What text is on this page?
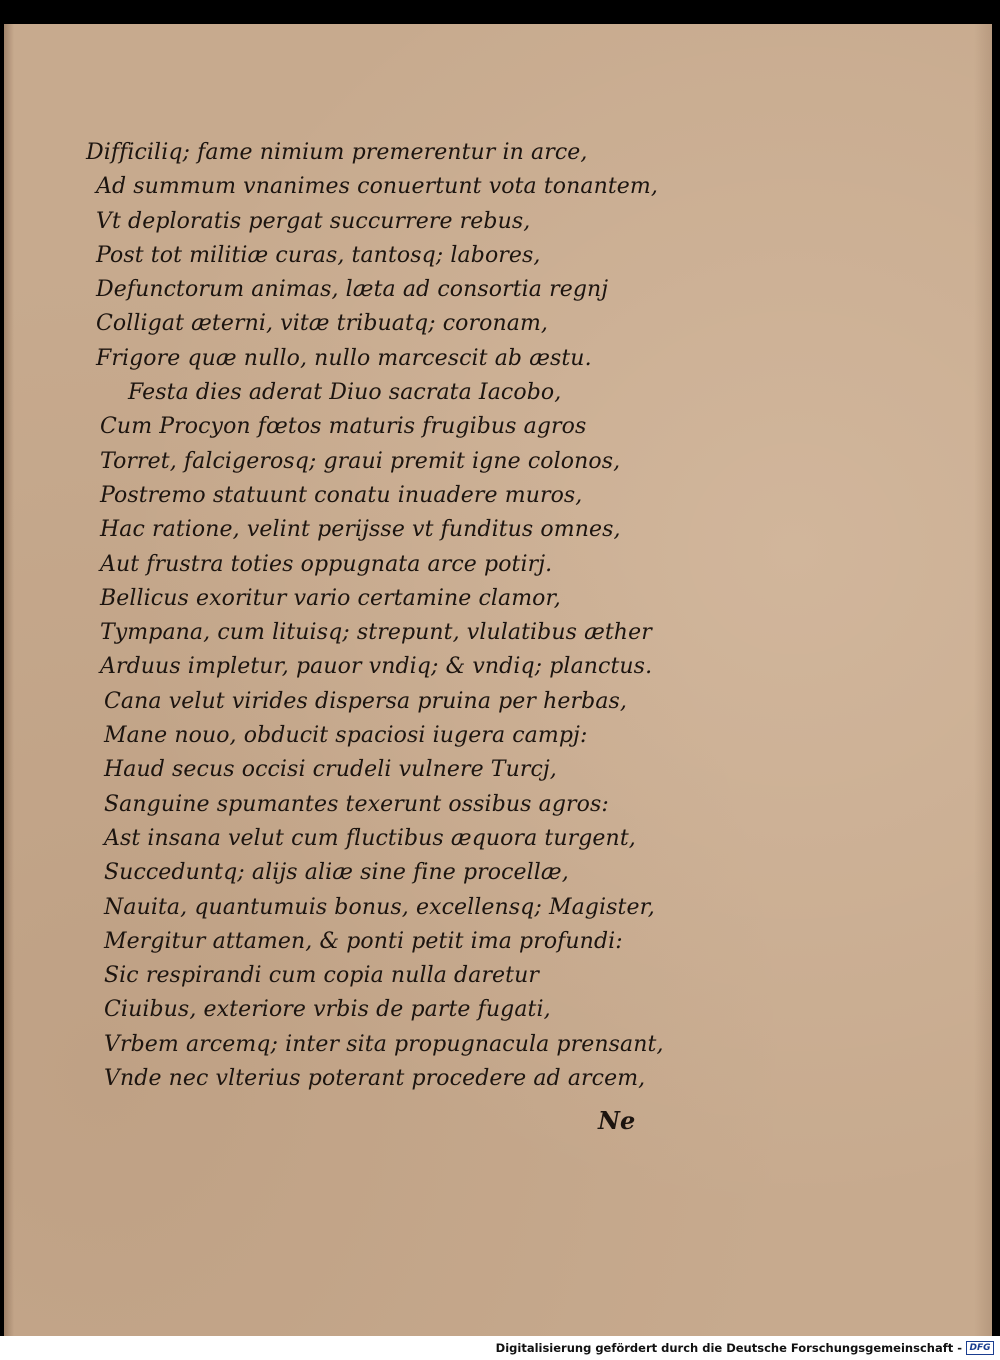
Difficiliq; fame nimium premerentur in arce,
Ad summum vnanimes conuertunt vota tonantem,
Vt deploratis pergat succurrere rebus,
Post tot militiæ curas, tantosq; labores,
Defunctorum animas, læta ad consortia regnj
Colligat æterni, vitæ tribuatq; coronam,
Frigore quæ nullo, nullo marcescit ab æstu.
Festa dies aderat Diuo sacrata Iacobo,
Cum Procyon fœtos maturis frugibus agros
Torret, falcigerosq; graui premit igne colonos,
Postremo statuunt conatu inuadere muros,
Hac ratione, velint perijsse vt funditus omnes,
Aut frustra toties oppugnata arce potirj.
Bellicus exoritur vario certamine clamor,
Tympana, cum lituisq; strepunt, vlulatibus æther
Arduus impletur, pauor vndiq; & vndiq; planctus.
Cana velut virides dispersa pruina per herbas,
Mane nouo, obducit spaciosi iugera campj:
Haud secus occisi crudeli vulnere Turcj,
Sanguine spumantes texerunt ossibus agros:
Ast insana velut cum fluctibus æquora turgent,
Succeduntq; alijs aliæ sine fine procellæ,
Nauita, quantumuis bonus, excellensq; Magister,
Mergitur attamen, & ponti petit ima profundi:
Sic respirandi cum copia nulla daretur
Ciuibus, exteriore vrbis de parte fugati,
Vrbem arcemq; inter sita propugnacula prensant,
Vnde nec vlterius poterant procedere ad arcem,
Ne
Digitalisierung gefördert durch die Deutsche Forschungsgemeinschaft - DFG
